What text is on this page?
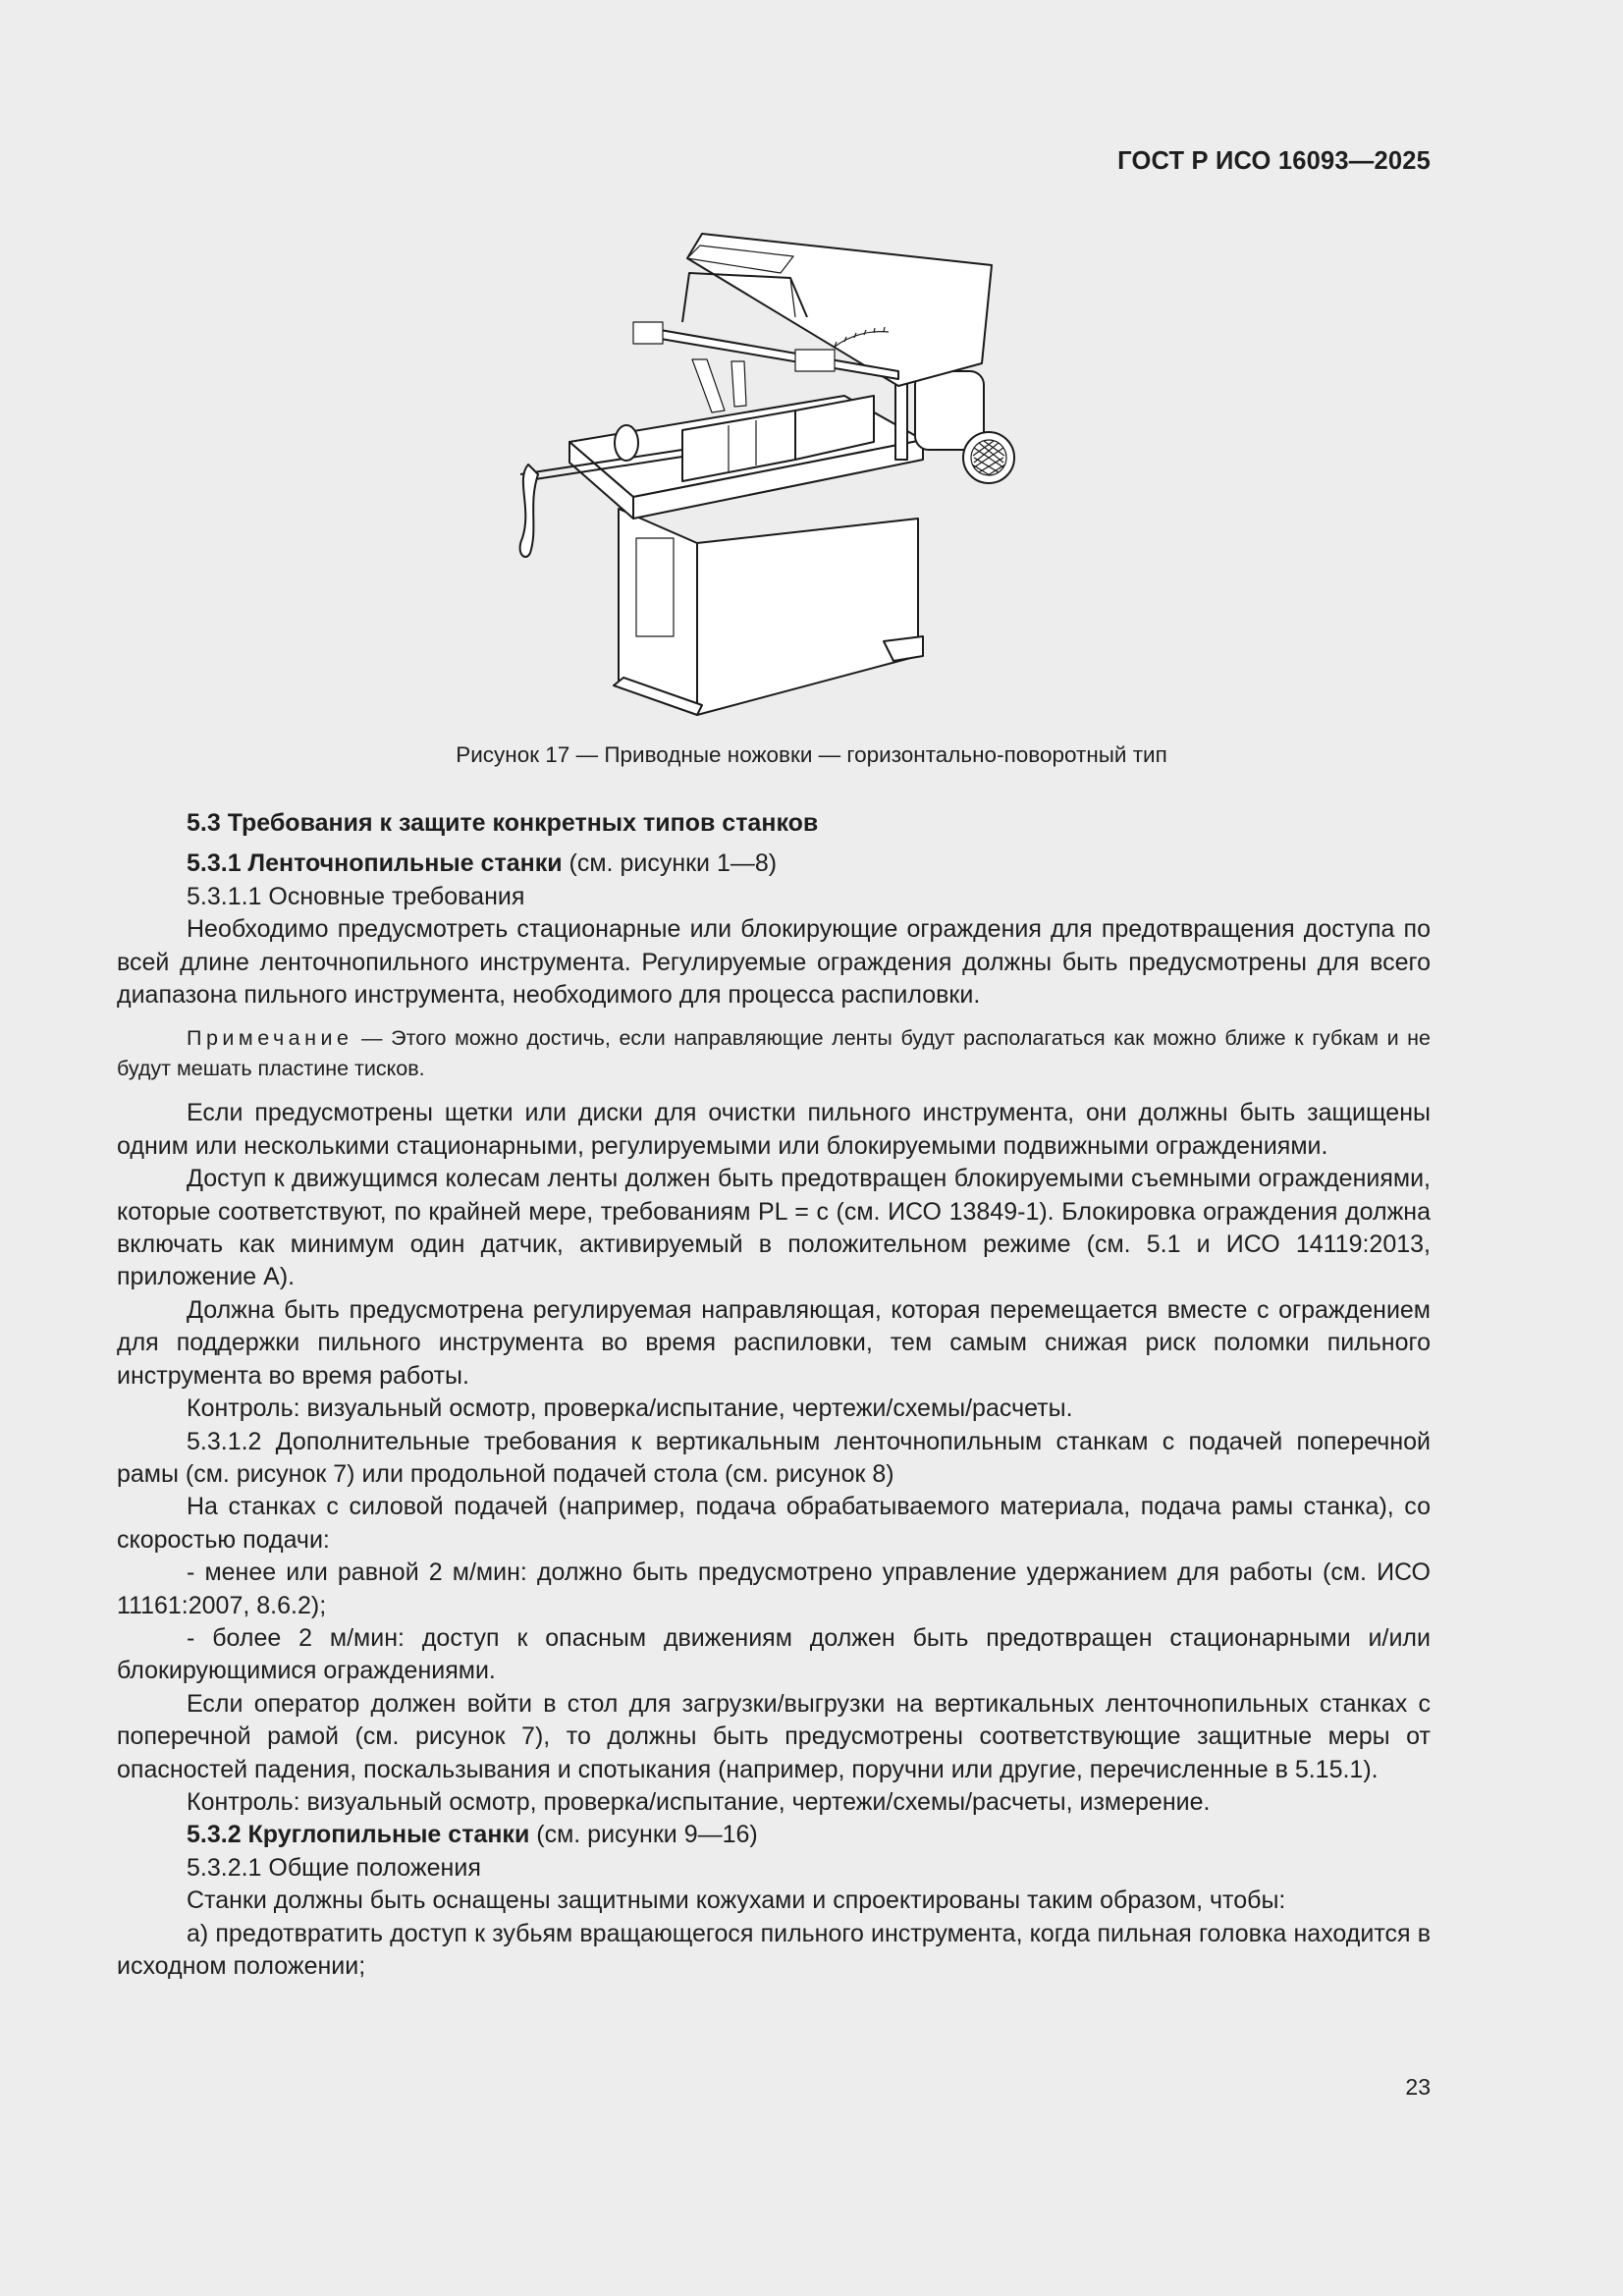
ГОСТ Р ИСО 16093—2025
Рисунок 17 — Приводные ножовки — горизонтально-поворотный тип

5.3 Требования к защите конкретных типов станков

5.3.1 Ленточнопильные станки (см. рисунки 1—8)

5.3.1.1 Основные требования

Необходимо предусмотреть стационарные или блокирующие ограждения для предотвращения доступа по всей длине ленточнопильного инструмента. Регулируемые ограждения должны быть предусмотрены для всего диапазона пильного инструмента, необходимого для процесса распиловки.

Примечание — Этого можно достичь, если направляющие ленты будут располагаться как можно ближе к губкам и не будут мешать пластине тисков.

Если предусмотрены щетки или диски для очистки пильного инструмента, они должны быть защищены одним или несколькими стационарными, регулируемыми или блокируемыми подвижными ограждениями.

Доступ к движущимся колесам ленты должен быть предотвращен блокируемыми съемными ограждениями, которые соответствуют, по крайней мере, требованиям PL = c (см. ИСО 13849-1). Блокировка ограждения должна включать как минимум один датчик, активируемый в положительном режиме (см. 5.1 и ИСО 14119:2013, приложение А).

Должна быть предусмотрена регулируемая направляющая, которая перемещается вместе с ограждением для поддержки пильного инструмента во время распиловки, тем самым снижая риск поломки пильного инструмента во время работы.

Контроль: визуальный осмотр, проверка/испытание, чертежи/схемы/расчеты.

5.3.1.2 Дополнительные требования к вертикальным ленточнопильным станкам с подачей поперечной рамы (см. рисунок 7) или продольной подачей стола (см. рисунок 8)

На станках с силовой подачей (например, подача обрабатываемого материала, подача рамы станка), со скоростью подачи:

- менее или равной 2 м/мин: должно быть предусмотрено управление удержанием для работы (см. ИСО 11161:2007, 8.6.2);

- более 2 м/мин: доступ к опасным движениям должен быть предотвращен стационарными и/или блокирующимися ограждениями.

Если оператор должен войти в стол для загрузки/выгрузки на вертикальных ленточнопильных станках с поперечной рамой (см. рисунок 7), то должны быть предусмотрены соответствующие защитные меры от опасностей падения, поскальзывания и спотыкания (например, поручни или другие, перечисленные в 5.15.1).

Контроль: визуальный осмотр, проверка/испытание, чертежи/схемы/расчеты, измерение.

5.3.2 Круглопильные станки (см. рисунки 9—16)

5.3.2.1 Общие положения

Станки должны быть оснащены защитными кожухами и спроектированы таким образом, чтобы:

а) предотвратить доступ к зубьям вращающегося пильного инструмента, когда пильная головка находится в исходном положении;

23
